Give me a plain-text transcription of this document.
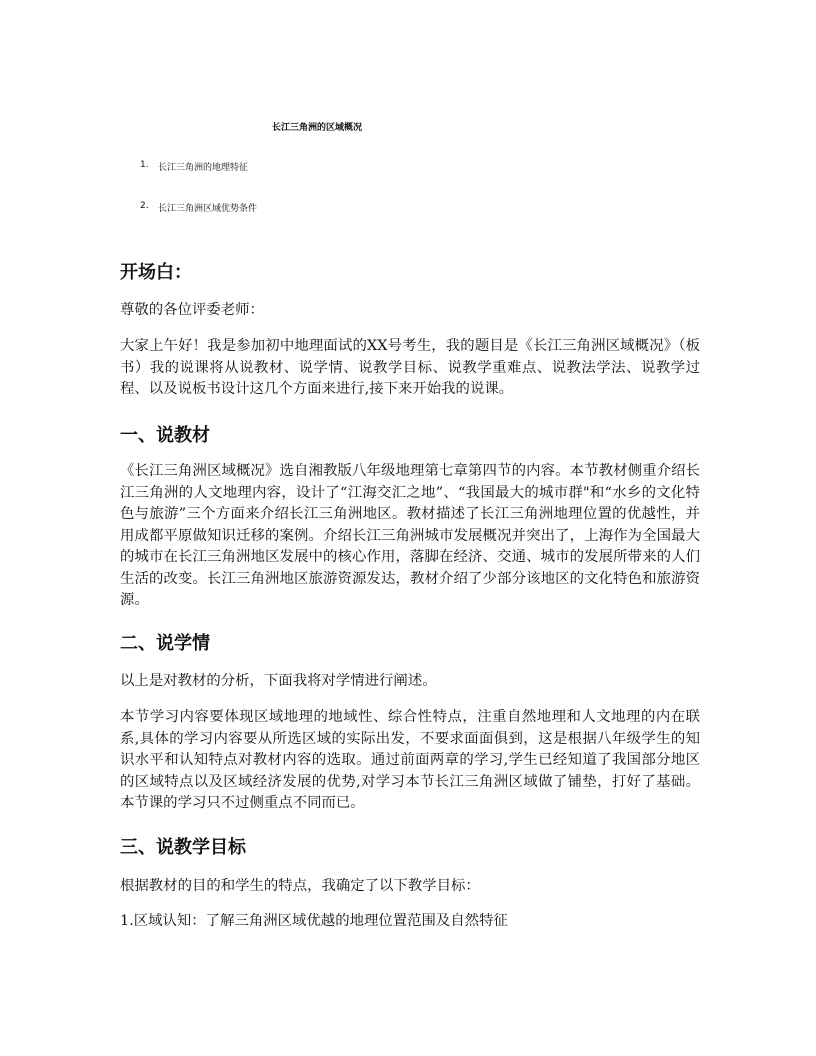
长江三角洲的区域概况
1.	长江三角洲的地理特征
2.	长江三角洲区域优势条件
开场白：
尊敬的各位评委老师：
大家上午好！我是参加初中地理面试的XX号考生，我的题目是《长江三角洲区域概况》（板书）我的说课将从说教材、说学情、说教学目标、说教学重难点、说教法学法、说教学过程、以及说板书设计这几个方面来进行,接下来开始我的说课。
一、说教材
《长江三角洲区域概况》选自湘教版八年级地理第七章第四节的内容。本节教材侧重介绍长江三角洲的人文地理内容，设计了“江海交汇之地”、“我国最大的城市群"和“水乡的文化特色与旅游”三个方面来介绍长江三角洲地区。教材描述了长江三角洲地理位置的优越性，并用成都平原做知识迁移的案例。介绍长江三角洲城市发展概况并突出了，上海作为全国最大的城市在长江三角洲地区发展中的核心作用，落脚在经济、交通、城市的发展所带来的人们生活的改变。长江三角洲地区旅游资源发达，教材介绍了少部分该地区的文化特色和旅游资源。
二、说学情
以上是对教材的分析，下面我将对学情进行阐述。
本节学习内容要体现区域地理的地域性、综合性特点，注重自然地理和人文地理的内在联系,具体的学习内容要从所选区域的实际出发，不要求面面俱到，这是根据八年级学生的知识水平和认知特点对教材内容的选取。通过前面两章的学习,学生已经知道了我国部分地区的区域特点以及区域经济发展的优势,对学习本节长江三角洲区域做了铺垫，打好了基础。本节课的学习只不过侧重点不同而已。
三、说教学目标
根据教材的目的和学生的特点，我确定了以下教学目标：
1.区域认知：了解三角洲区域优越的地理位置范围及自然特征
